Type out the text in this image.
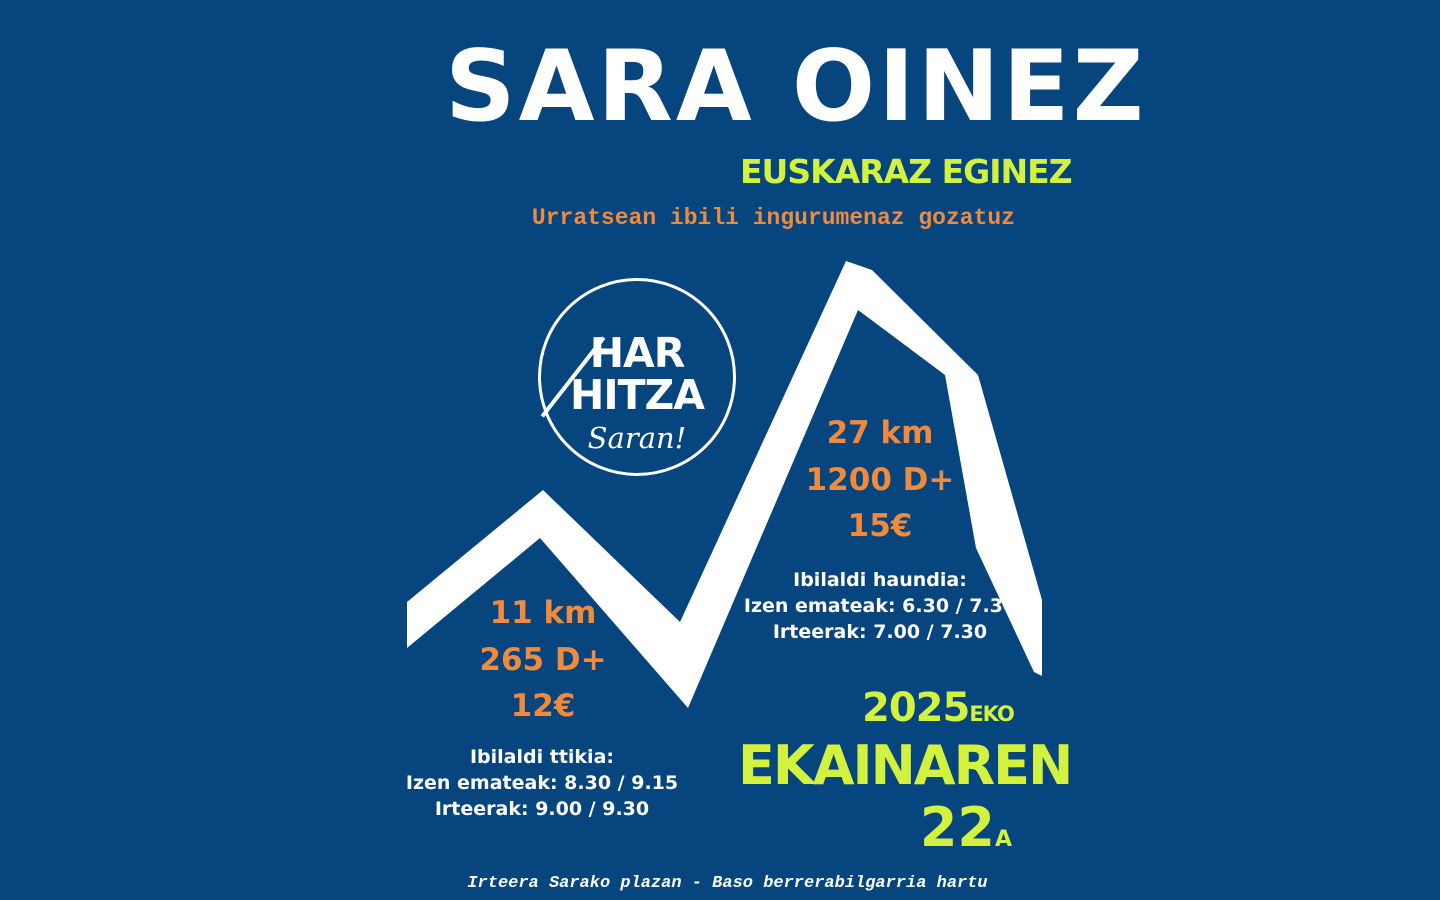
SARA OINEZ
EUSKARAZ EGINEZ
Urratsean ibili ingurumenaz gozatuz
HAR
HITZA
Saran!	27 km
1200 D+
15€
Ibilaldi haundia:
Izen emateak: 6.30 / 7.30
Irteerak: 7.00 / 7.30
11 km
265 D+
12€
Ibilaldi ttikia:
Izen emateak: 8.30 / 9.15
Irteerak: 9.00 / 9.30
2025EKO
EKAINAREN
22A
Irteera Sarako plazan - Baso berrerabilgarria hartu
